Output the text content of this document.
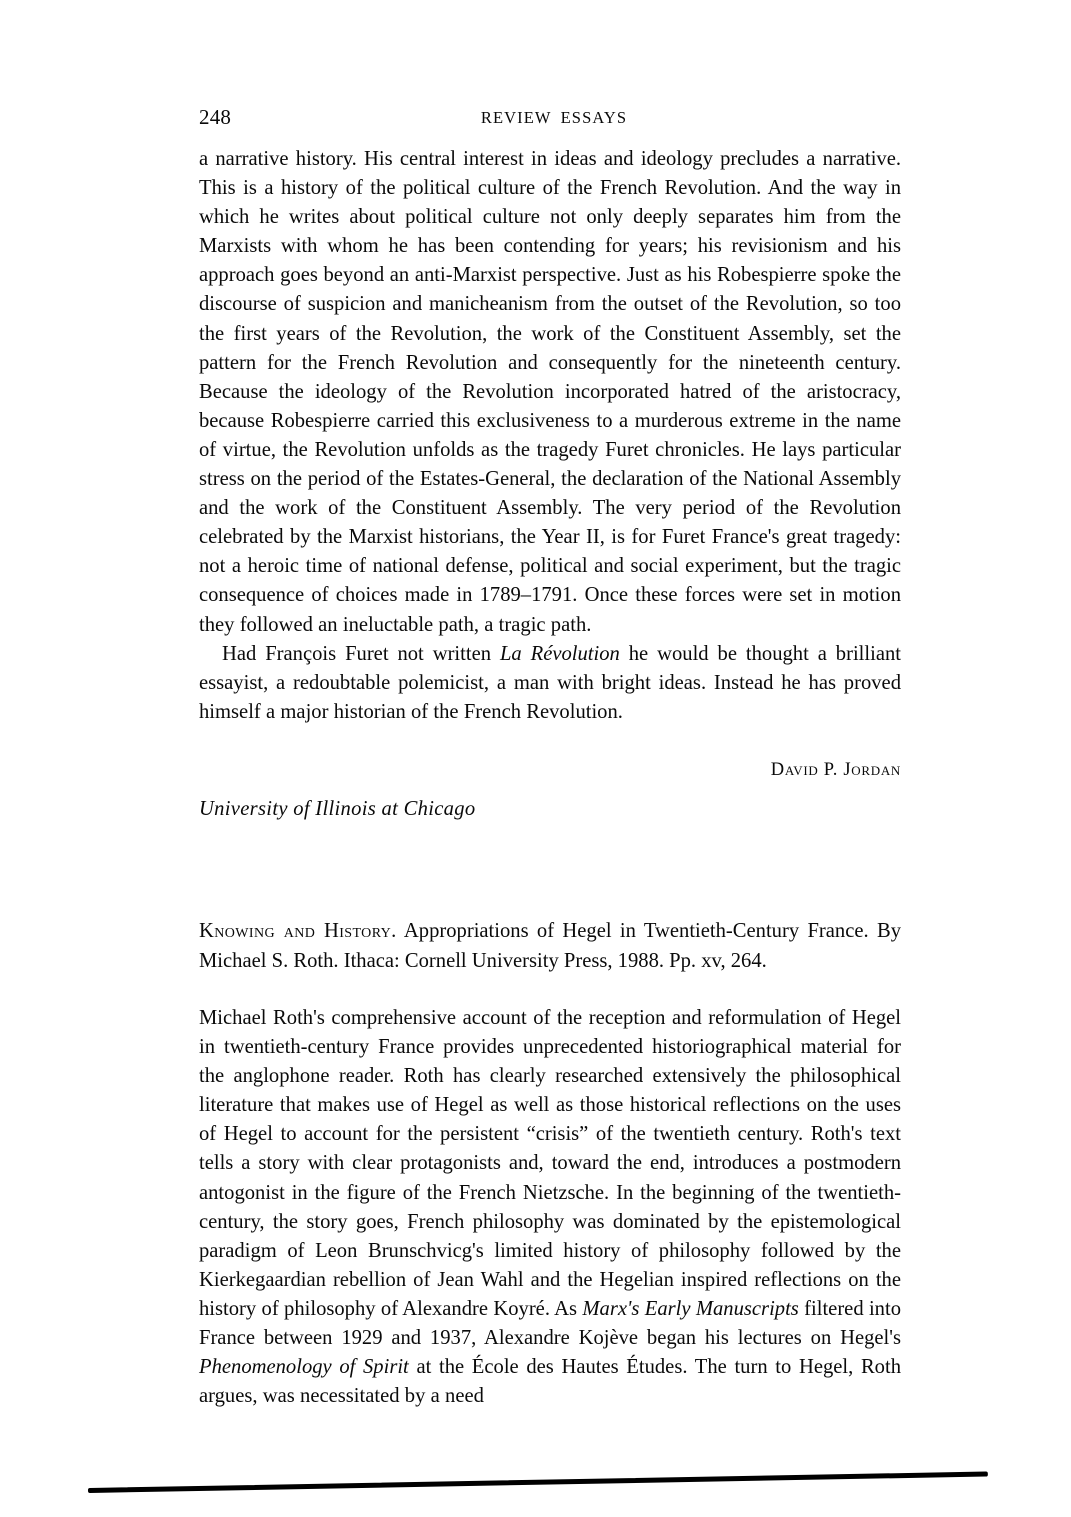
248	REVIEW ESSAYS

a narrative history. His central interest in ideas and ideology precludes a narrative. This is a history of the political culture of the French Revolution. And the way in which he writes about political culture not only deeply separates him from the Marxists with whom he has been contending for years; his revisionism and his approach goes beyond an anti-Marxist perspective. Just as his Robespierre spoke the discourse of suspicion and manicheanism from the outset of the Revolution, so too the first years of the Revolution, the work of the Constituent Assembly, set the pattern for the French Revolution and consequently for the nineteenth century. Because the ideology of the Revolution incorporated hatred of the aristocracy, because Robespierre carried this exclusiveness to a murderous extreme in the name of virtue, the Revolution unfolds as the tragedy Furet chronicles. He lays particular stress on the period of the Estates-General, the declaration of the National Assembly and the work of the Constituent Assembly. The very period of the Revolution celebrated by the Marxist historians, the Year II, is for Furet France's great tragedy: not a heroic time of national defense, political and social experiment, but the tragic consequence of choices made in 1789–1791. Once these forces were set in motion they followed an ineluctable path, a tragic path.

Had François Furet not written La Révolution he would be thought a brilliant essayist, a redoubtable polemicist, a man with bright ideas. Instead he has proved himself a major historian of the French Revolution.

David P. Jordan
University of Illinois at Chicago
Knowing and History. Appropriations of Hegel in Twentieth-Century France. By Michael S. Roth. Ithaca: Cornell University Press, 1988. Pp. xv, 264.

Michael Roth's comprehensive account of the reception and reformulation of Hegel in twentieth-century France provides unprecedented historiographical material for the anglophone reader. Roth has clearly researched extensively the philosophical literature that makes use of Hegel as well as those historical reflections on the uses of Hegel to account for the persistent “crisis” of the twentieth century. Roth's text tells a story with clear protagonists and, toward the end, introduces a postmodern antogonist in the figure of the French Nietzsche. In the beginning of the twentieth-century, the story goes, French philosophy was dominated by the epistemological paradigm of Leon Brunschvicg's limited history of philosophy followed by the Kierkegaardian rebellion of Jean Wahl and the Hegelian inspired reflections on the history of philosophy of Alexandre Koyré. As Marx's Early Manuscripts filtered into France between 1929 and 1937, Alexandre Kojève began his lectures on Hegel's Phenomenology of Spirit at the École des Hautes Études. The turn to Hegel, Roth argues, was necessitated by a need
